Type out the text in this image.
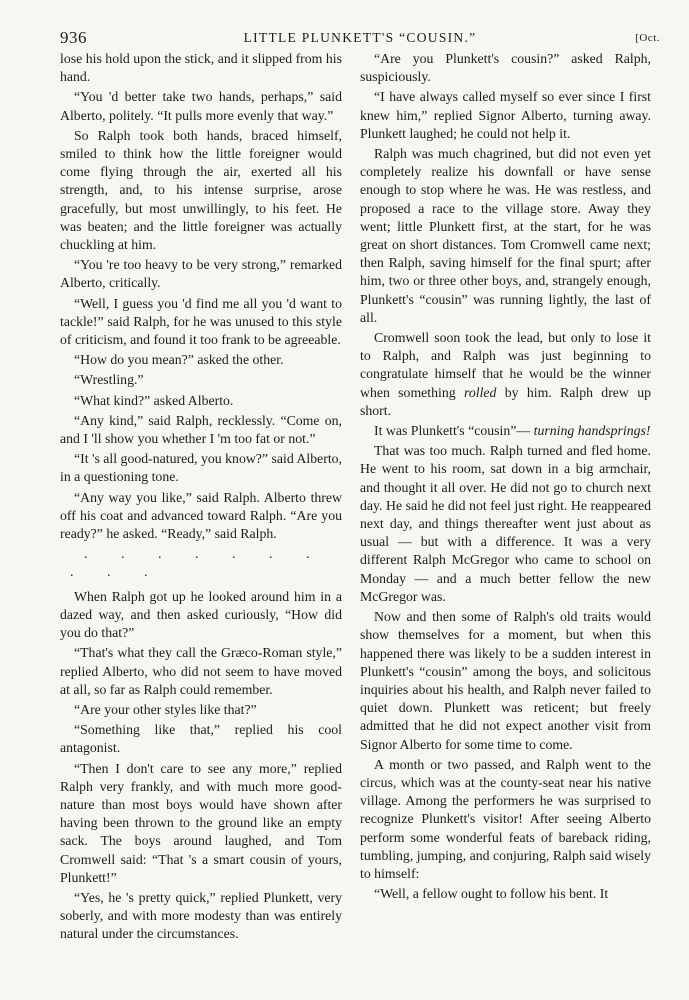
936	LITTLE PLUNKETT'S “COUSIN.”	[Oct.

lose his hold upon the stick, and it slipped from his hand.

“You 'd better take two hands, perhaps,” said Alberto, politely. “It pulls more evenly that way.”

So Ralph took both hands, braced himself, smiled to think how the little foreigner would come flying through the air, exerted all his strength, and, to his intense surprise, arose gracefully, but most unwillingly, to his feet. He was beaten; and the little foreigner was actually chuckling at him.

“You 're too heavy to be very strong,” remarked Alberto, critically.

“Well, I guess you 'd find me all you 'd want to tackle!” said Ralph, for he was unused to this style of criticism, and found it too frank to be agreeable.

“How do you mean?” asked the other.

“Wrestling.”

“What kind?” asked Alberto.

“Any kind,” said Ralph, recklessly. “Come on, and I 'll show you whether I 'm too fat or not.”

“It 's all good-natured, you know?” said Alberto, in a questioning tone.

“Any way you like,” said Ralph. Alberto threw off his coat and advanced toward Ralph. “Are you ready?” he asked. “Ready,” said Ralph.

. . . . . . . . . .

When Ralph got up he looked around him in a dazed way, and then asked curiously, “How did you do that?”

“That's what they call the Græco-Roman style,” replied Alberto, who did not seem to have moved at all, so far as Ralph could remember.

“Are your other styles like that?”

“Something like that,” replied his cool antagonist.

“Then I don't care to see any more,” replied Ralph very frankly, and with much more good-nature than most boys would have shown after having been thrown to the ground like an empty sack. The boys around laughed, and Tom Cromwell said: “That 's a smart cousin of yours, Plunkett!”

“Yes, he 's pretty quick,” replied Plunkett, very soberly, and with more modesty than was entirely natural under the circumstances.

“Are you Plunkett's cousin?” asked Ralph, suspiciously.

“I have always called myself so ever since I first knew him,” replied Signor Alberto, turning away. Plunkett laughed; he could not help it.

Ralph was much chagrined, but did not even yet completely realize his downfall or have sense enough to stop where he was. He was restless, and proposed a race to the village store. Away they went; little Plunkett first, at the start, for he was great on short distances. Tom Cromwell came next; then Ralph, saving himself for the final spurt; after him, two or three other boys, and, strangely enough, Plunkett's “cousin” was running lightly, the last of all.

Cromwell soon took the lead, but only to lose it to Ralph, and Ralph was just beginning to congratulate himself that he would be the winner when something rolled by him. Ralph drew up short.

It was Plunkett's “cousin”— turning handsprings!

That was too much. Ralph turned and fled home. He went to his room, sat down in a big armchair, and thought it all over. He did not go to church next day. He said he did not feel just right. He reappeared next day, and things thereafter went just about as usual — but with a difference. It was a very different Ralph McGregor who came to school on Monday — and a much better fellow the new McGregor was.

Now and then some of Ralph's old traits would show themselves for a moment, but when this happened there was likely to be a sudden interest in Plunkett's “cousin” among the boys, and solicitous inquiries about his health, and Ralph never failed to quiet down. Plunkett was reticent; but freely admitted that he did not expect another visit from Signor Alberto for some time to come.

A month or two passed, and Ralph went to the circus, which was at the county-seat near his native village. Among the performers he was surprised to recognize Plunkett's visitor! After seeing Alberto perform some wonderful feats of bareback riding, tumbling, jumping, and conjuring, Ralph said wisely to himself:

“Well, a fellow ought to follow his bent. It
